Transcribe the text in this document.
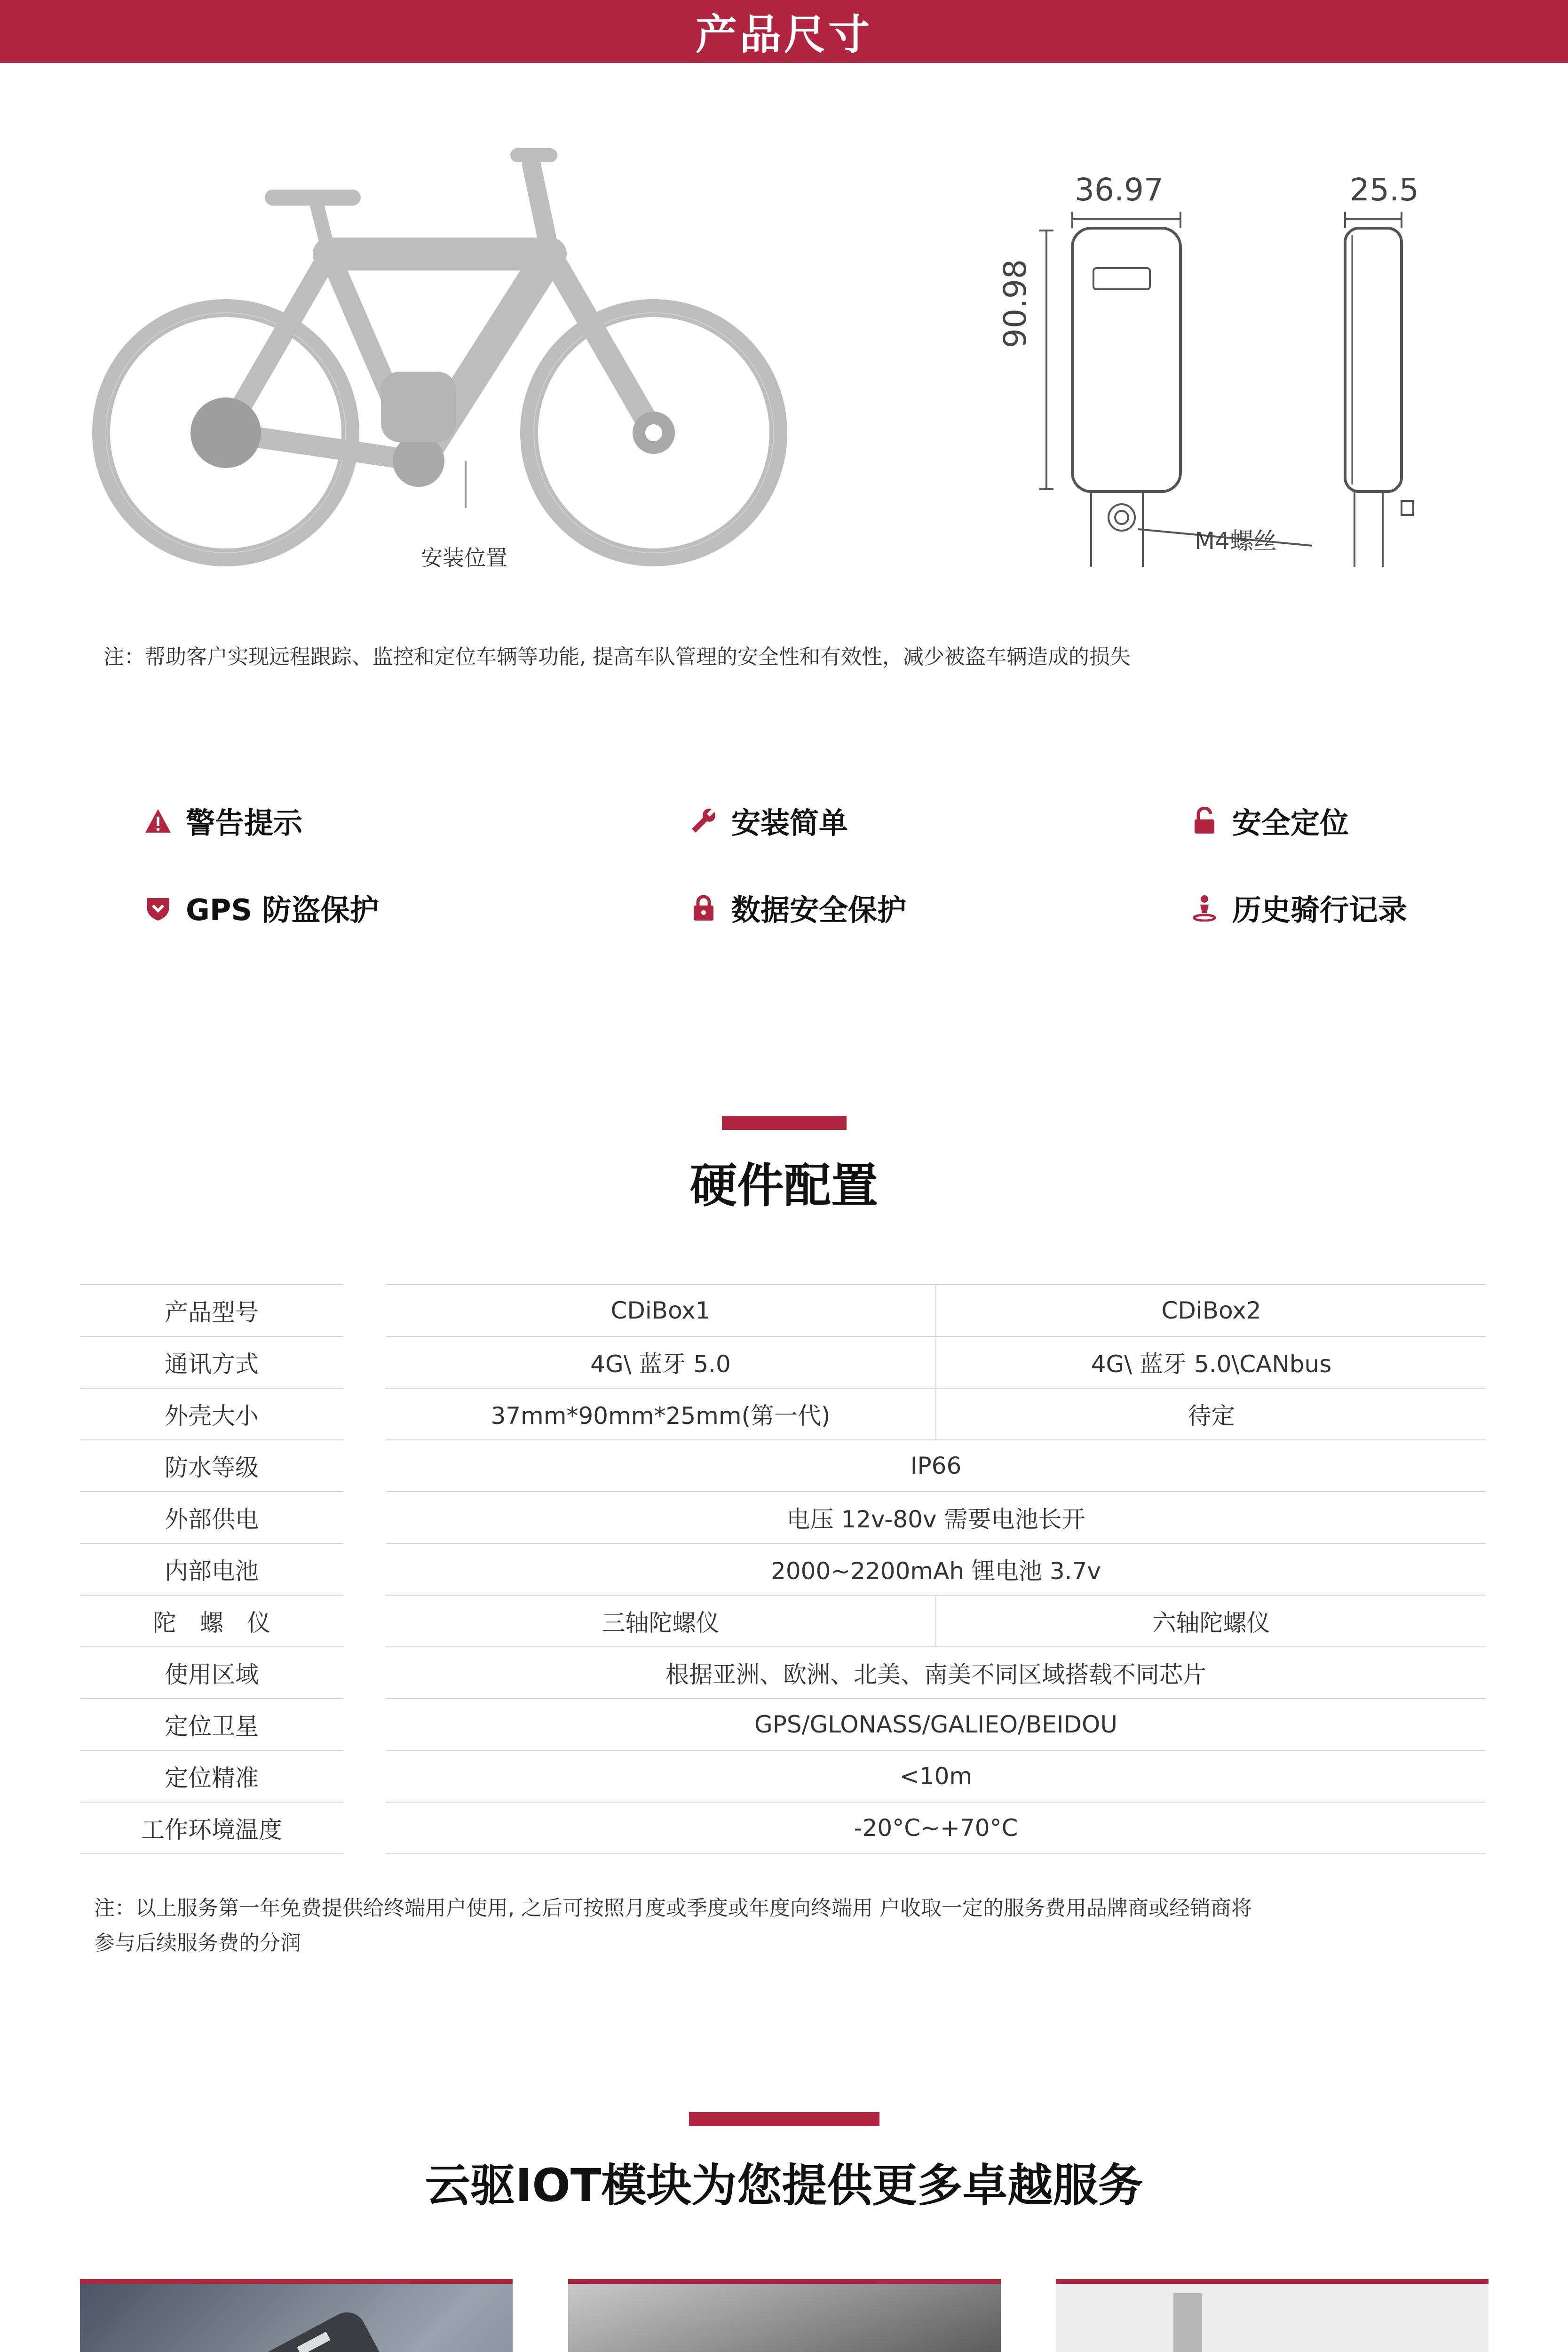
产品尺寸
安装位置
36.97	25.5
90.98
M4螺丝
注：帮助客户实现远程跟踪、监控和定位车辆等功能, 提高车队管理的安全性和有效性，减少被盗车辆造成的损失
警告提示	安装简单	安全定位
GPS 防盗保护	数据安全保护	历史骑行记录
硬件配置
产品型号		CDiBox1	CDiBox2
通讯方式		4G\ 蓝牙 5.0	4G\ 蓝牙 5.0\CANbus
外壳大小		37mm*90mm*25mm(第一代)	待定
防水等级		IP66	
外部供电		电压 12v-80v 需要电池长开	
内部电池		2000~2200mAh 锂电池 3.7v	
陀　螺　仪		三轴陀螺仪	六轴陀螺仪
使用区域		根据亚洲、欧洲、北美、南美不同区域搭载不同芯片	
定位卫星		GPS/GLONASS/GALIEO/BEIDOU	
定位精准		<10m	
工作环境温度		-20°C~+70°C	
注：以上服务第一年免费提供给终端用户使用, 之后可按照月度或季度或年度向终端用 户收取一定的服务费用品牌商或经销商将
参与后续服务费的分润
云驱IOT模块为您提供更多卓越服务
